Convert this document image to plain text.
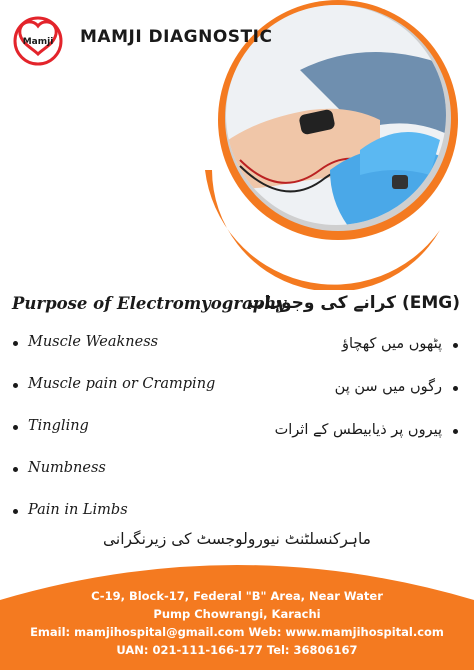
Mamji MAMJI DIAGNOSTIC
Purpose of Electromyography
(EMG) کرانے کی وجوہات
Muscle Weakness
Muscle pain or Cramping
Tingling
Numbness
Pain in Limbs
پٹھوں میں کھچاؤ
رگوں میں سن پن
پیروں پر ذیابیطس کے اثرات
ماہرکنسلٹنٹ نیورولوجسٹ کی زیرنگرانی
C-19, Block-17, Federal "B" Area, Near Water
Pump Chowrangi, Karachi
Email: mamjihospital@gmail.com Web: www.mamjihospital.com
UAN: 021-111-166-177 Tel: 36806167
